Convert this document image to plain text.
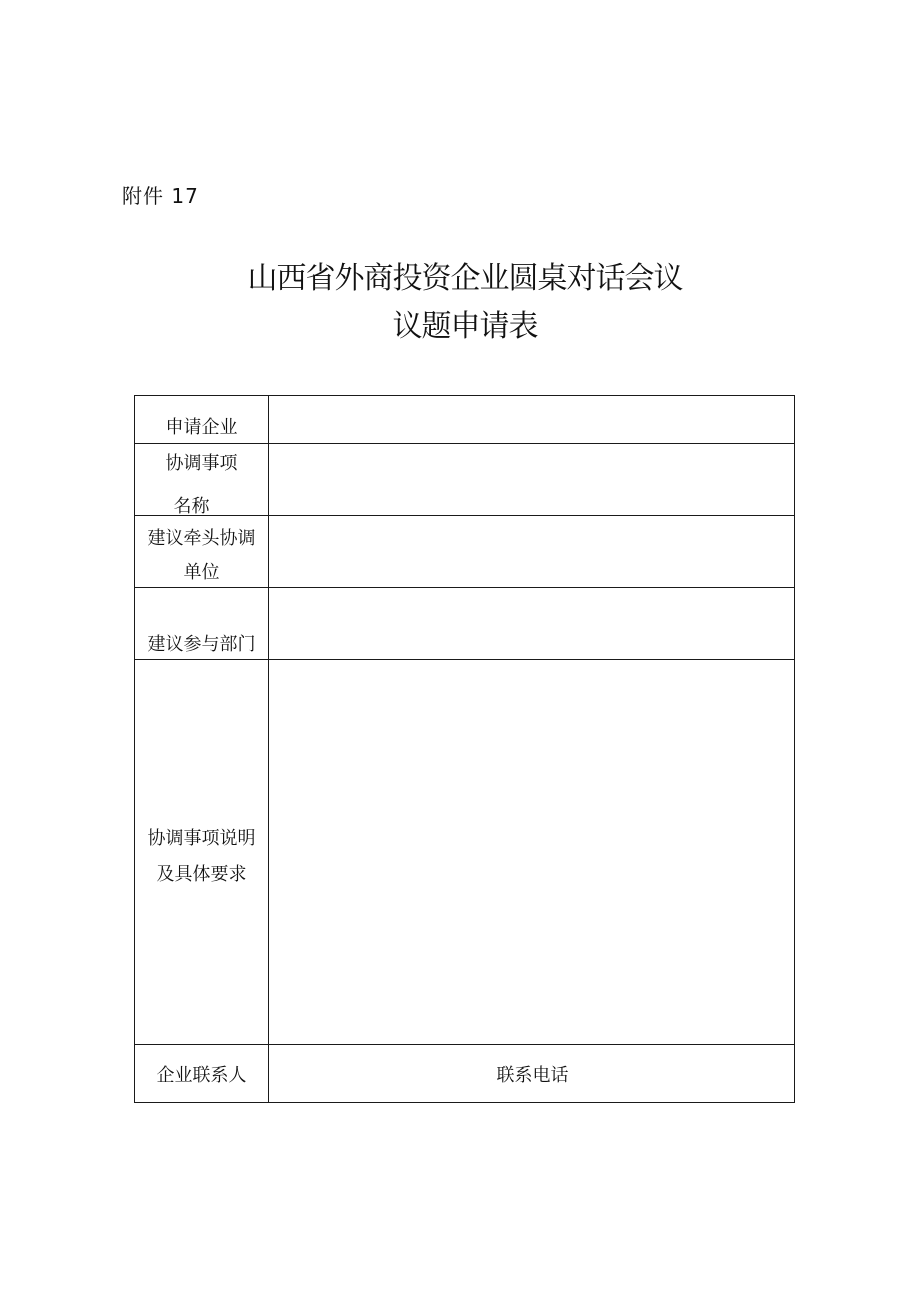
附件 17
山西省外商投资企业圆桌对话会议
议题申请表
申请企业	

协调事项
名称	

建议牵头协调
单位	

建议参与部门	

协调事项说明
及具体要求	

企业联系人	联系电话
